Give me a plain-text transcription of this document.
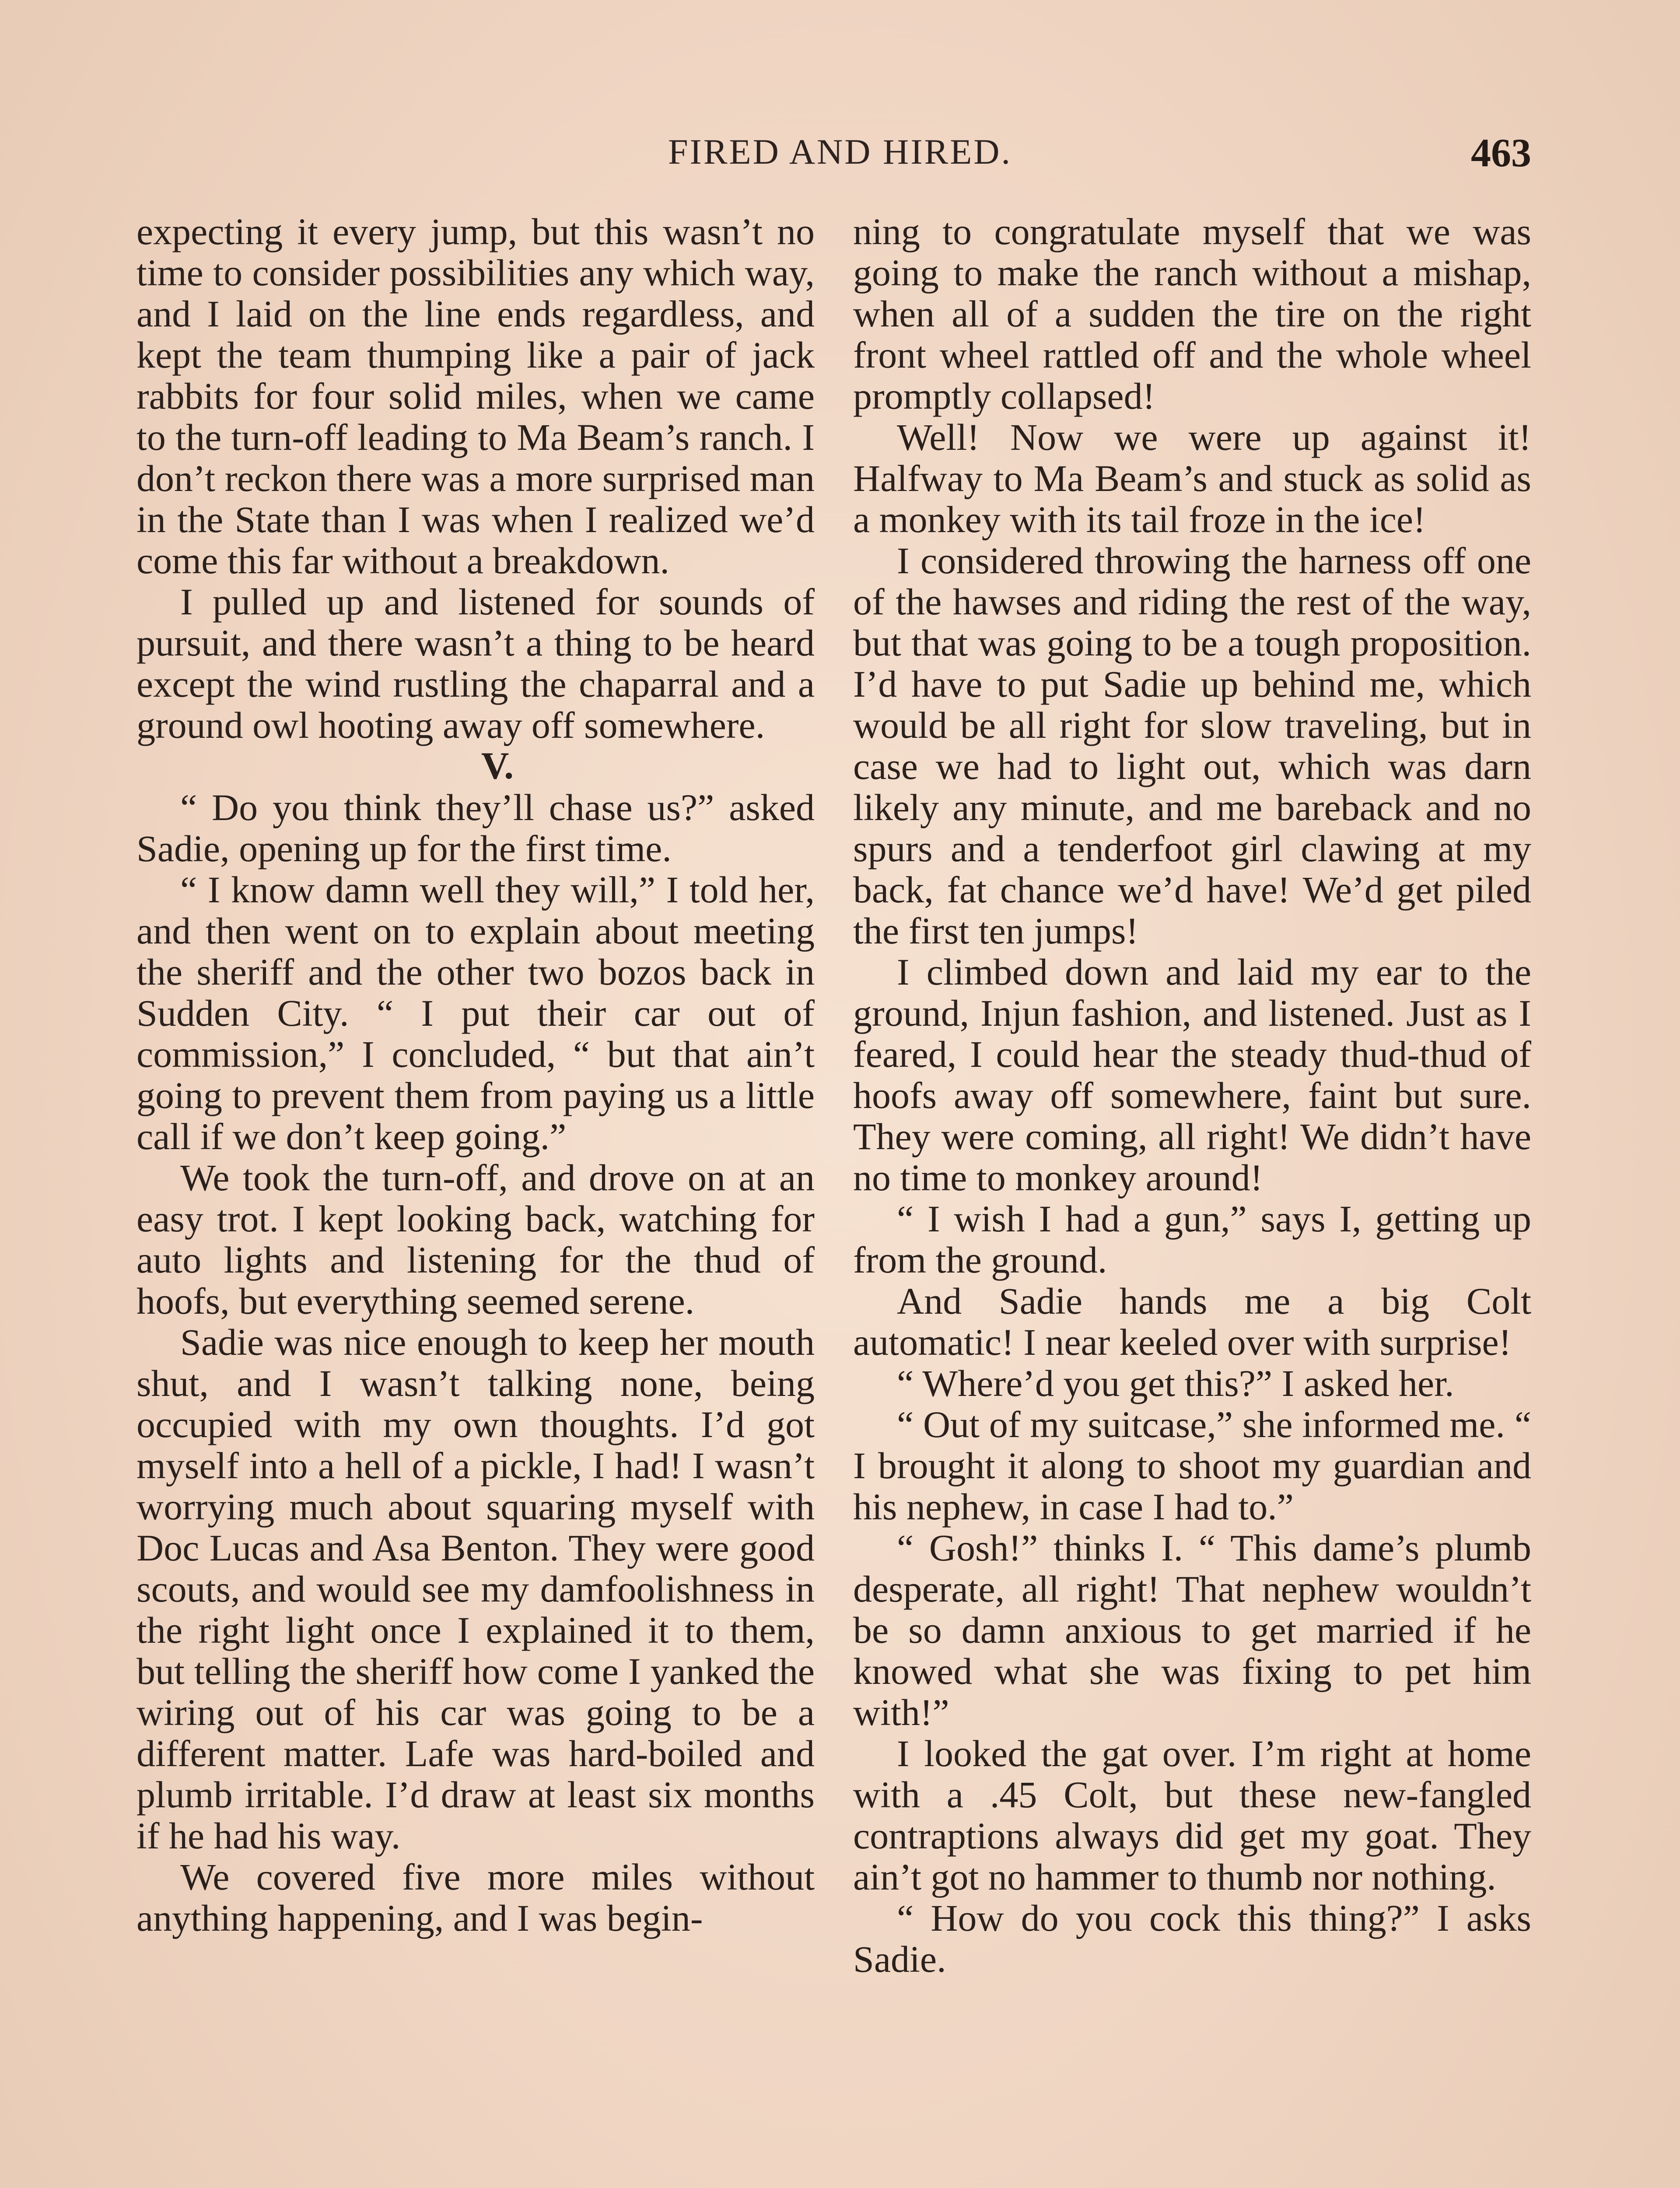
FIRED AND HIRED.	463

expecting it every jump, but this wasn’t no time to consider possibilities any which way, and I laid on the line ends regardless, and kept the team thumping like a pair of jack rabbits for four solid miles, when we came to the turn-off leading to Ma Beam’s ranch. I don’t reckon there was a more surprised man in the State than I was when I realized we’d come this far without a breakdown.

I pulled up and listened for sounds of pursuit, and there wasn’t a thing to be heard except the wind rustling the chaparral and a ground owl hooting away off somewhere.

V.

“ Do you think they’ll chase us?” asked Sadie, opening up for the first time.

“ I know damn well they will,” I told her, and then went on to explain about meeting the sheriff and the other two bozos back in Sudden City. “ I put their car out of commission,” I concluded, “ but that ain’t going to prevent them from paying us a little call if we don’t keep going.”

We took the turn-off, and drove on at an easy trot. I kept looking back, watching for auto lights and listening for the thud of hoofs, but everything seemed serene.

Sadie was nice enough to keep her mouth shut, and I wasn’t talking none, being occupied with my own thoughts. I’d got myself into a hell of a pickle, I had! I wasn’t worrying much about squaring myself with Doc Lucas and Asa Benton. They were good scouts, and would see my damfoolishness in the right light once I explained it to them, but telling the sheriff how come I yanked the wiring out of his car was going to be a different matter. Lafe was hard-boiled and plumb irritable. I’d draw at least six months if he had his way.

We covered five more miles without anything happening, and I was begin-

ning to congratulate myself that we was going to make the ranch without a mishap, when all of a sudden the tire on the right front wheel rattled off and the whole wheel promptly collapsed!

Well! Now we were up against it! Halfway to Ma Beam’s and stuck as solid as a monkey with its tail froze in the ice!

I considered throwing the harness off one of the hawses and riding the rest of the way, but that was going to be a tough proposition. I’d have to put Sadie up behind me, which would be all right for slow traveling, but in case we had to light out, which was darn likely any minute, and me bareback and no spurs and a tenderfoot girl clawing at my back, fat chance we’d have! We’d get piled the first ten jumps!

I climbed down and laid my ear to the ground, Injun fashion, and listened. Just as I feared, I could hear the steady thud-thud of hoofs away off somewhere, faint but sure. They were coming, all right! We didn’t have no time to monkey around!

“ I wish I had a gun,” says I, getting up from the ground.

And Sadie hands me a big Colt automatic! I near keeled over with surprise!

“ Where’d you get this?” I asked her.

“ Out of my suitcase,” she informed me. “ I brought it along to shoot my guardian and his nephew, in case I had to.”

“ Gosh!” thinks I. “ This dame’s plumb desperate, all right! That nephew wouldn’t be so damn anxious to get married if he knowed what she was fixing to pet him with!”

I looked the gat over. I’m right at home with a .45 Colt, but these new-fangled contraptions always did get my goat. They ain’t got no hammer to thumb nor nothing.

“ How do you cock this thing?” I asks Sadie.
